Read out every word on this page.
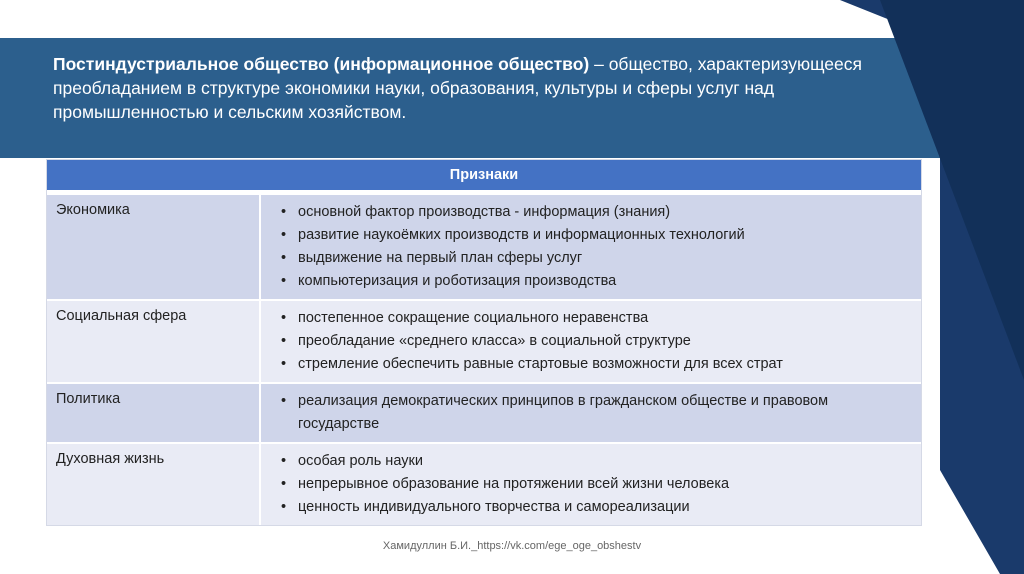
Постиндустриальное общество (информационное общество) – общество, характеризующееся преобладанием в структуре экономики науки, образования, культуры и сферы услуг над промышленностью и сельским хозяйством.
Признаки
Экономика	• основной фактор производства - информация (знания)
• развитие наукоёмких производств и информационных технологий
• выдвижение на первый план сферы услуг
• компьютеризация и роботизация производства
Социальная сфера	• постепенное сокращение социального неравенства
• преобладание «среднего класса» в социальной структуре
• стремление обеспечить равные стартовые возможности для всех страт
Политика	• реализация демократических принципов в гражданском обществе и правовом государстве
Духовная жизнь	• особая роль науки
• непрерывное образование на протяжении всей жизни человека
• ценность индивидуального творчества и самореализации
Хамидуллин Б.И._https://vk.com/ege_oge_obshestv
